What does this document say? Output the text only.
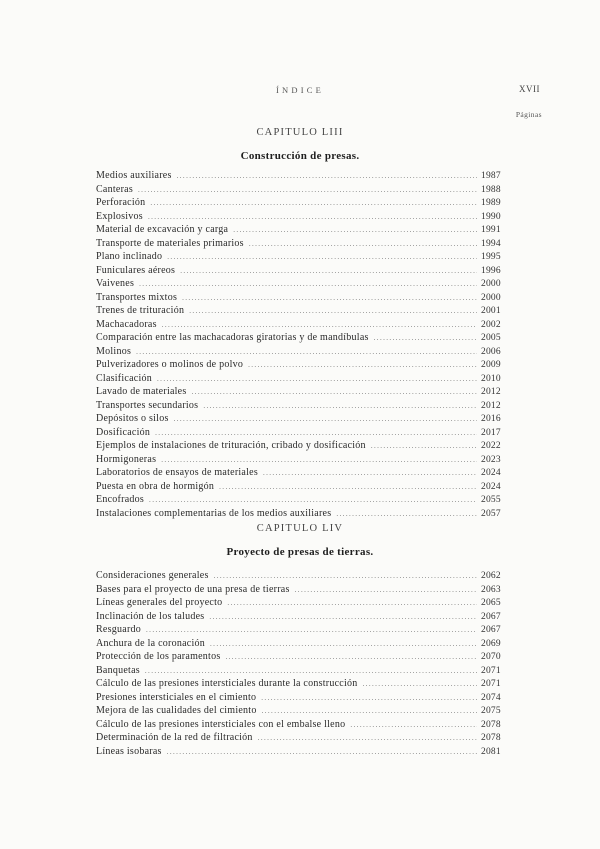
ÍNDICE	XVII
Páginas
CAPITULO LIII
Construcción de presas.
Medios auxiliares .....	1987
Canteras .....	1988
Perforación .....	1989
Explosivos .....	1990
Material de excavación y carga .....	1991
Transporte de materiales primarios .....	1994
Plano inclinado .....	1995
Funiculares aéreos .....	1996
Vaivenes .....	2000
Transportes mixtos .....	2000
Trenes de trituración .....	2001
Machacadoras .....	2002
Comparación entre las machacadoras giratorias y de mandíbulas .....	2005
Molinos .....	2006
Pulverizadores o molinos de polvo .....	2009
Clasificación .....	2010
Lavado de materiales .....	2012
Transportes secundarios .....	2012
Depósitos o silos .....	2016
Dosificación .....	2017
Ejemplos de instalaciones de trituración, cribado y dosificación .....	2022
Hormigoneras .....	2023
Laboratorios de ensayos de materiales .....	2024
Puesta en obra de hormigón .....	2024
Encofrados .....	2055
Instalaciones complementarias de los medios auxiliares .....	2057
CAPITULO LIV
Proyecto de presas de tierras.
Consideraciones generales .....	2062
Bases para el proyecto de una presa de tierras .....	2063
Líneas generales del proyecto .....	2065
Inclinación de los taludes .....	2067
Resguardo .....	2067
Anchura de la coronación .....	2069
Protección de los paramentos .....	2070
Banquetas .....	2071
Cálculo de las presiones intersticiales durante la construcción .....	2071
Presiones intersticiales en el cimiento .....	2074
Mejora de las cualidades del cimiento .....	2075
Cálculo de las presiones intersticiales con el embalse lleno .....	2078
Determinación de la red de filtración .....	2078
Líneas isobaras .....	2081
